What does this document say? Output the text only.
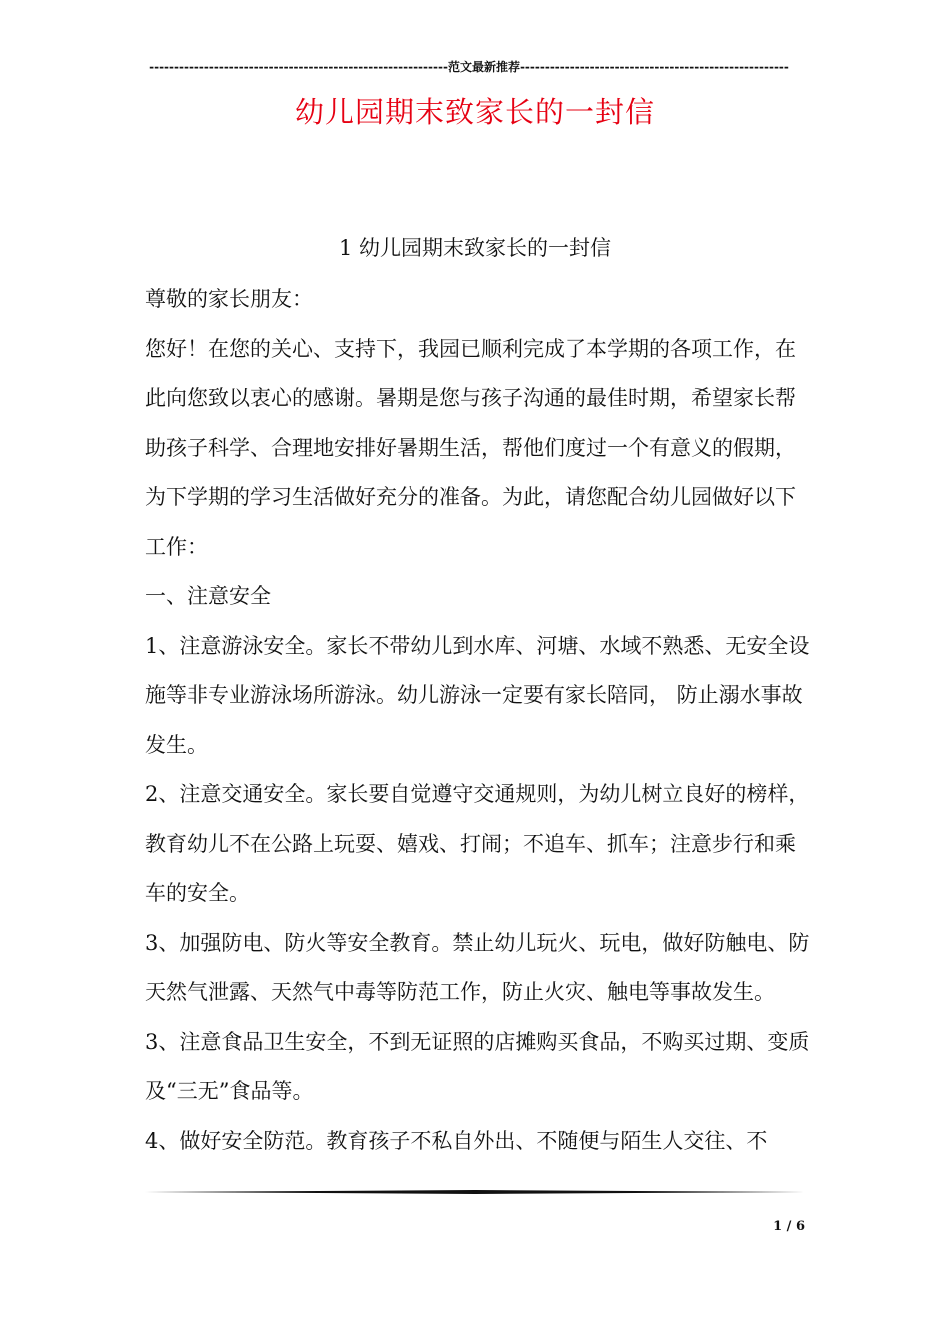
------------------------------------------------------------范文最新推荐------------------------------------------------------
幼儿园期末致家长的一封信
1 幼儿园期末致家长的一封信

尊敬的家长朋友：

您好！在您的关心、支持下，我园已顺利完成了本学期的各项工作，在此向您致以衷心的感谢。暑期是您与孩子沟通的最佳时期，希望家长帮助孩子科学、合理地安排好暑期生活，帮他们度过一个有意义的假期，为下学期的学习生活做好充分的准备。为此，请您配合幼儿园做好以下工作：

一、注意安全

1、注意游泳安全。家长不带幼儿到水库、河塘、水域不熟悉、无安全设施等非专业游泳场所游泳。幼儿游泳一定要有家长陪同， 防止溺水事故发生。

2、注意交通安全。家长要自觉遵守交通规则，为幼儿树立良好的榜样，教育幼儿不在公路上玩耍、嬉戏、打闹；不追车、抓车；注意步行和乘车的安全。

3、加强防电、防火等安全教育。禁止幼儿玩火、玩电，做好防触电、防天然气泄露、天然气中毒等防范工作，防止火灾、触电等事故发生。

3、注意食品卫生安全，不到无证照的店摊购买食品，不购买过期、变质及“三无”食品等。

4、做好安全防范。教育孩子不私自外出、不随便与陌生人交往、不

1 / 6
